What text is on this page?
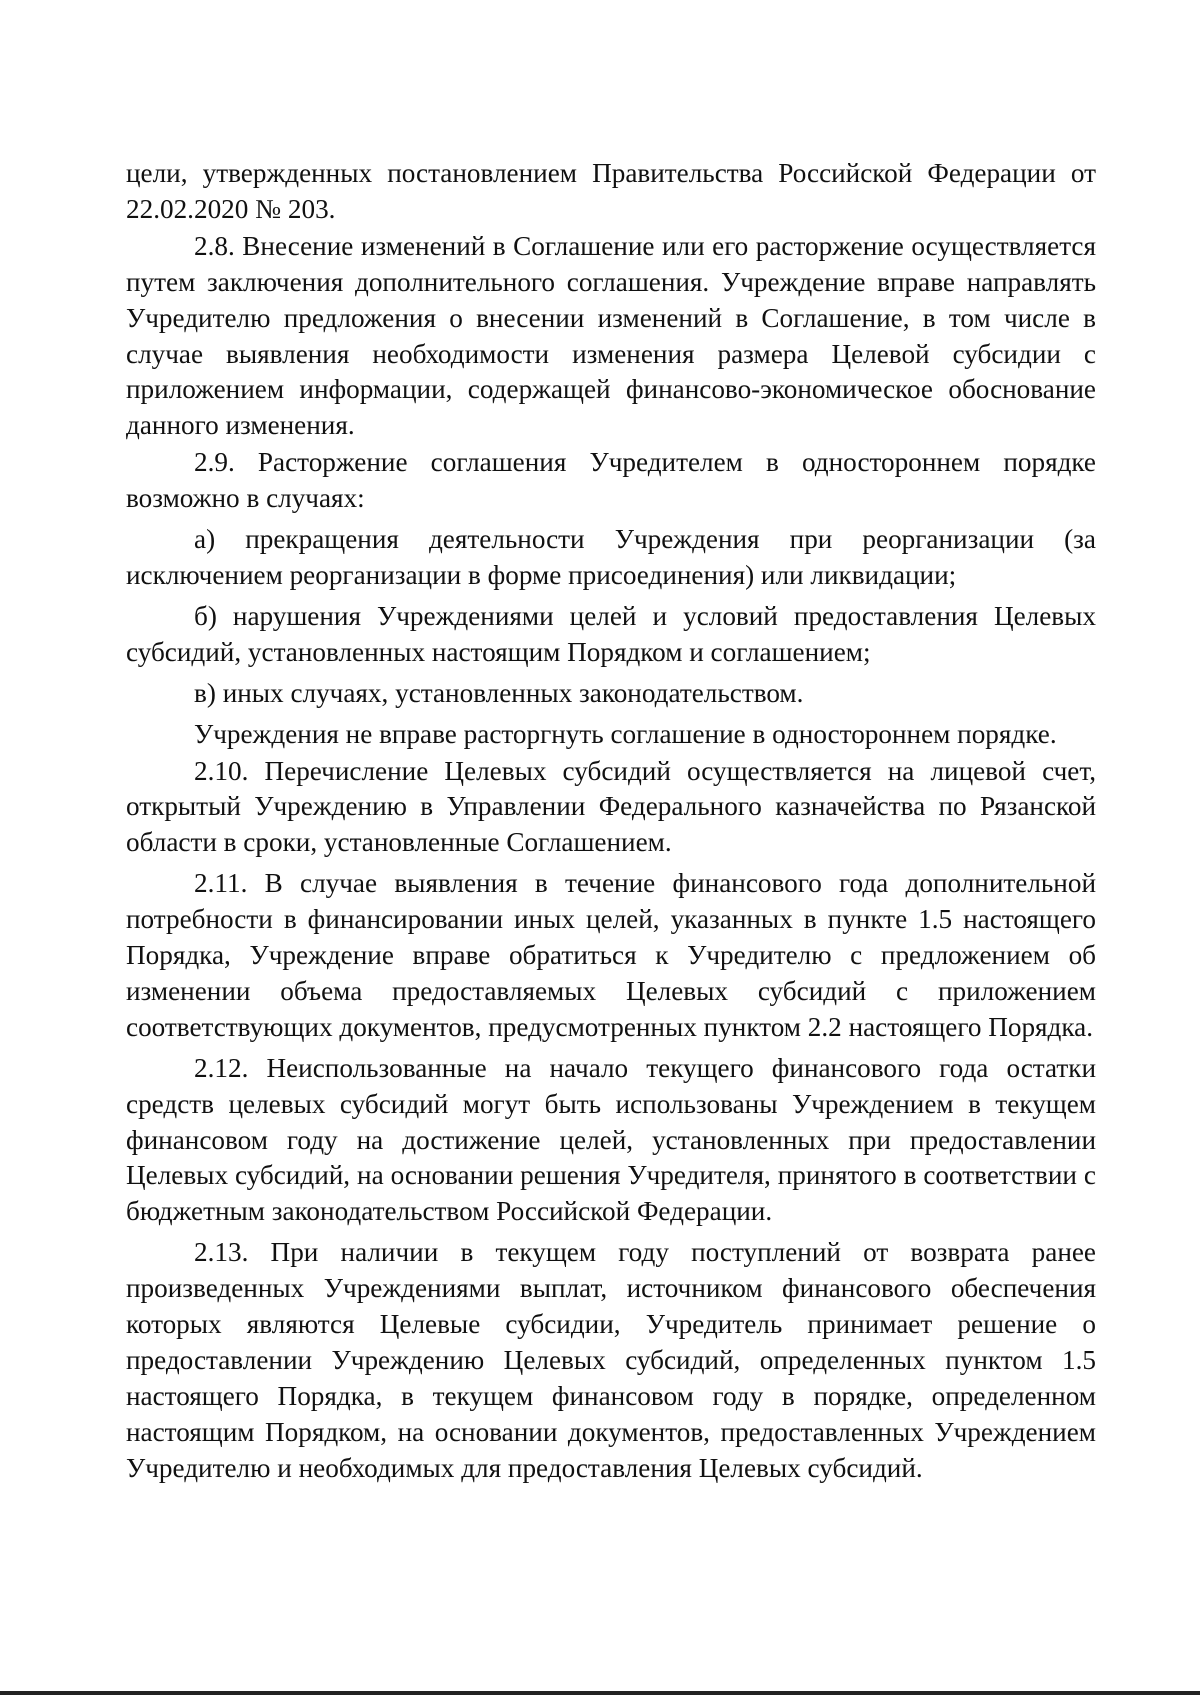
цели, утвержденных постановлением Правительства Российской Федерации от 22.02.2020 № 203.

2.8. Внесение изменений в Соглашение или его расторжение осуществляется путем заключения дополнительного соглашения. Учреждение вправе направлять Учредителю предложения о внесении изменений в Соглашение, в том числе в случае выявления необходимости изменения размера Целевой субсидии с приложением информации, содержащей финансово-экономическое обоснование данного изменения.

2.9. Расторжение соглашения Учредителем в одностороннем порядке возможно в случаях:

а) прекращения деятельности Учреждения при реорганизации (за исключением реорганизации в форме присоединения) или ликвидации;

б) нарушения Учреждениями целей и условий предоставления Целевых субсидий, установленных настоящим Порядком и соглашением;

в) иных случаях, установленных законодательством.

Учреждения не вправе расторгнуть соглашение в одностороннем порядке.

2.10. Перечисление Целевых субсидий осуществляется на лицевой счет, открытый Учреждению в Управлении Федерального казначейства по Рязанской области в сроки, установленные Соглашением.

2.11. В случае выявления в течение финансового года дополнительной потребности в финансировании иных целей, указанных в пункте 1.5 настоящего Порядка, Учреждение вправе обратиться к Учредителю с предложением об изменении объема предоставляемых Целевых субсидий с приложением соответствующих документов, предусмотренных пунктом 2.2 настоящего Порядка.

2.12. Неиспользованные на начало текущего финансового года остатки средств целевых субсидий могут быть использованы Учреждением в текущем финансовом году на достижение целей, установленных при предоставлении Целевых субсидий, на основании решения Учредителя, принятого в соответствии с бюджетным законодательством Российской Федерации.

2.13. При наличии в текущем году поступлений от возврата ранее произведенных Учреждениями выплат, источником финансового обеспечения которых являются Целевые субсидии, Учредитель принимает решение о предоставлении Учреждению Целевых субсидий, определенных пунктом 1.5 настоящего Порядка, в текущем финансовом году в порядке, определенном настоящим Порядком, на основании документов, предоставленных Учреждением Учредителю и необходимых для предоставления Целевых субсидий.
